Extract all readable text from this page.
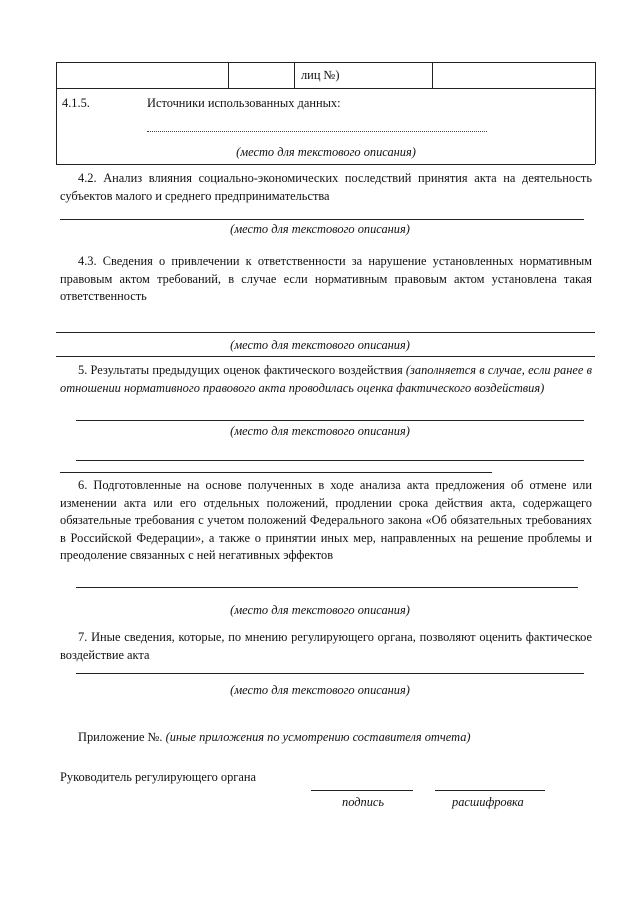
лиц №)
4.1.5.	Источники использованных данных:
(место для текстового описания)
4.2. Анализ влияния социально-экономических последствий принятия акта на деятельность субъектов малого и среднего предпринимательства
(место для текстового описания)
4.3. Сведения о привлечении к ответственности за нарушение установленных нормативным правовым актом требований, в случае если нормативным правовым актом установлена такая ответственность
(место для текстового описания)
5. Результаты предыдущих оценок фактического воздействия (заполняется в случае, если ранее в отношении нормативного правового акта проводилась оценка фактического воздействия)
(место для текстового описания)
6. Подготовленные на основе полученных в ходе анализа акта предложения об отмене или изменении акта или его отдельных положений, продлении срока действия акта, содержащего обязательные требования с учетом положений Федерального закона «Об обязательных требованиях в Российской Федерации», а также о принятии иных мер, направленных на решение проблемы и преодоление связанных с ней негативных эффектов
(место для текстового описания)
7. Иные сведения, которые, по мнению регулирующего органа, позволяют оценить фактическое воздействие акта
(место для текстового описания)
Приложение №. (иные приложения по усмотрению составителя отчета)
Руководитель регулирующего органа
подпись	расшифровка
